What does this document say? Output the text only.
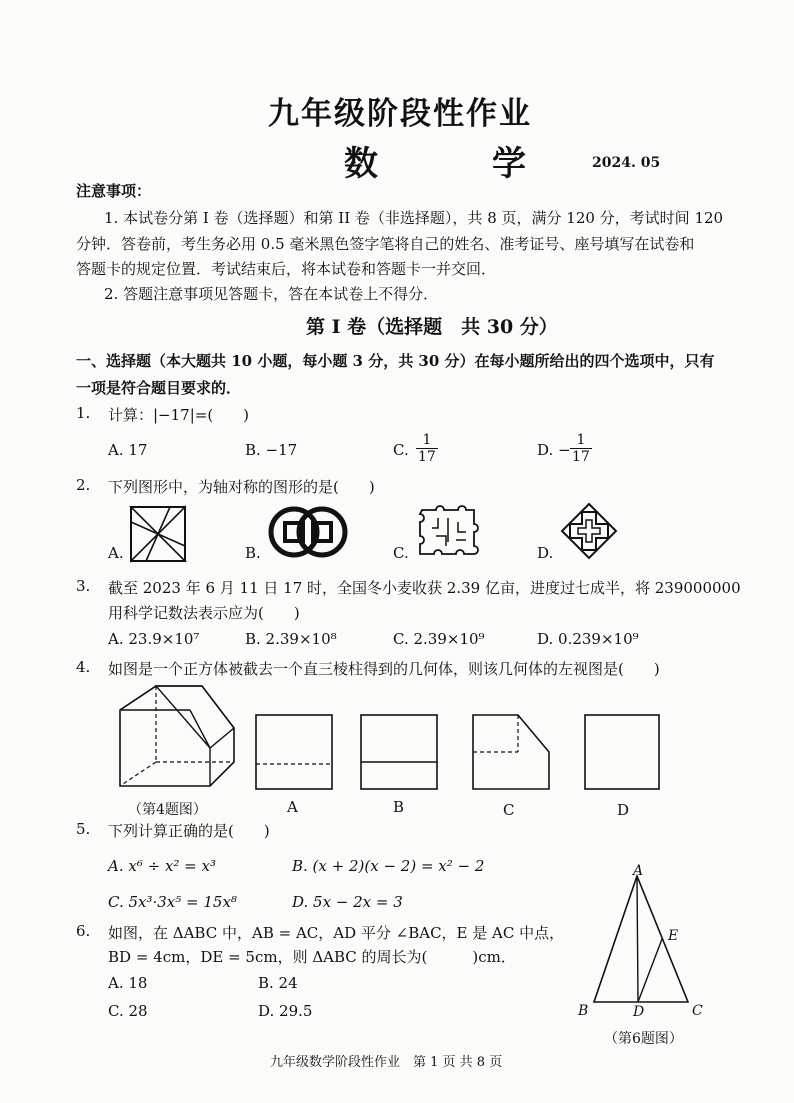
九年级阶段性作业
数　学 2024. 05
注意事项：
1. 本试卷分第 I 卷（选择题）和第 II 卷（非选择题），共 8 页，满分 120 分，考试时间 120
分钟．答卷前，考生务必用 0.5 毫米黑色签字笔将自己的姓名、准考证号、座号填写在试卷和
答题卡的规定位置．考试结束后，将本试卷和答题卡一并交回．
2. 答题注意事项见答题卡，答在本试卷上不得分．
第 I 卷（选择题　共 30 分）
一、选择题（本大题共 10 小题，每小题 3 分，共 30 分）在每小题所给出的四个选项中，只有
一项是符合题目要求的．
1. 计算：|−17|=(　　)
A. 17	B. −17	C. $\frac{1}{17}$	D. − $\frac{1}{17}$
2. 下列图形中，为轴对称的图形的是(　　)
A.	B.	C.	D.
3. 截至 2023 年 6 月 11 日 17 时，全国冬小麦收获 2.39 亿亩，进度过七成半，将 239000000
用科学记数法表示应为(　　)
A. 23.9×10⁷	B. 2.39×10⁸	C. 2.39×10⁹	D. 0.239×10⁹
4. 如图是一个正方体被截去一个直三棱柱得到的几何体，则该几何体的左视图是(　　)
（第4题图）	A	B	C	D
5. 下列计算正确的是(　　)
A. x⁶ ÷ x² = x³	B. (x + 2)(x − 2) = x² − 2
C. 5x³·3x⁵ = 15x⁸	D. 5x − 2x = 3
6. 如图，在 ΔABC 中，AB = AC，AD 平分 ∠BAC，E 是 AC 中点，
BD = 4cm，DE = 5cm，则 ΔABC 的周长为(　　　)cm．
A. 18	B. 24
C. 28	D. 29.5
A
E
B	D	C
（第6题图）
九年级数学阶段性作业　第 1 页 共 8 页
